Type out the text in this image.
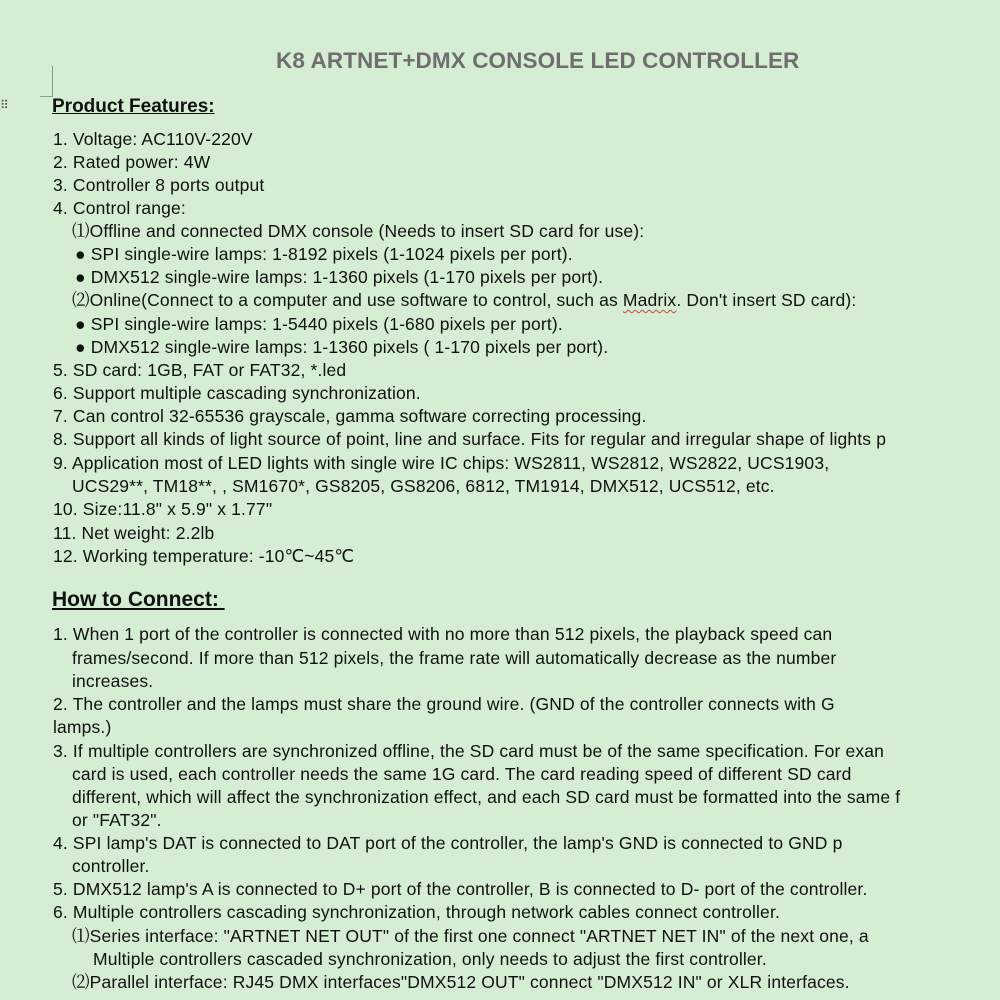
⠿
K8 ARTNET+DMX CONSOLE LED CONTROLLER
Product Features:
1. Voltage: AC110V-220V
2. Rated power: 4W
3. Controller 8 ports output
4. Control range:
⑴Offline and connected DMX console (Needs to insert SD card for use):
● SPI single-wire lamps: 1-8192 pixels (1-1024 pixels per port).
● DMX512 single-wire lamps: 1-1360 pixels (1-170 pixels per port).
⑵Online(Connect to a computer and use software to control, such as Madrix. Don't insert SD card):
● SPI single-wire lamps: 1-5440 pixels (1-680 pixels per port).
● DMX512 single-wire lamps: 1-1360 pixels ( 1-170 pixels per port).
5. SD card: 1GB, FAT or FAT32, *.led
6. Support multiple cascading synchronization.
7. Can control 32-65536 grayscale, gamma software correcting processing.
8. Support all kinds of light source of point, line and surface. Fits for regular and irregular shape of lights p
9. Application most of LED lights with single wire IC chips: WS2811, WS2812, WS2822, UCS1903,
UCS29**, TM18**, , SM1670*, GS8205, GS8206, 6812, TM1914, DMX512, UCS512, etc.
10. Size:11.8" x 5.9" x 1.77"
11. Net weight: 2.2lb
12. Working temperature: -10℃~45℃
How to Connect:
1. When 1 port of the controller is connected with no more than 512 pixels, the playback speed can
frames/second. If more than 512 pixels, the frame rate will automatically decrease as the number
increases.
2. The controller and the lamps must share the ground wire. (GND of the controller connects with G
lamps.)
3. If multiple controllers are synchronized offline, the SD card must be of the same specification. For exan
card is used, each controller needs the same 1G card. The card reading speed of different SD card
different, which will affect the synchronization effect, and each SD card must be formatted into the same f
or "FAT32".
4. SPI lamp's DAT is connected to DAT port of the controller, the lamp's GND is connected to GND p
controller.
5. DMX512 lamp's A is connected to D+ port of the controller, B is connected to D- port of the controller.
6. Multiple controllers cascading synchronization, through network cables connect controller.
⑴Series interface: "ARTNET NET OUT" of the first one connect "ARTNET NET IN" of the next one, a
Multiple controllers cascaded synchronization, only needs to adjust the first controller.
⑵Parallel interface: RJ45 DMX interfaces"DMX512 OUT" connect "DMX512 IN" or XLR interfaces.
